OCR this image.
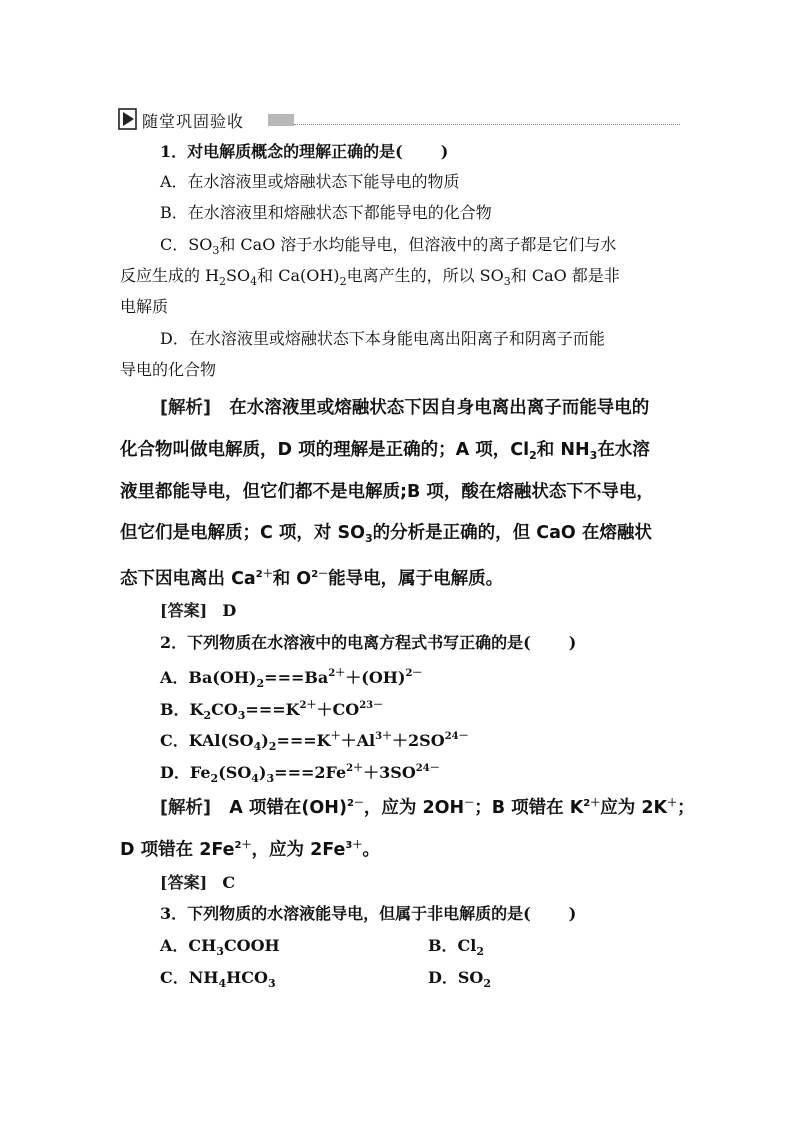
随堂巩固验收
1．对电解质概念的理解正确的是( )
A．在水溶液里或熔融状态下能导电的物质
B．在水溶液里和熔融状态下都能导电的化合物
C．$SO_3$和 CaO 溶于水均能导电，但溶液中的离子都是它们与水
反应生成的 $H_2SO_4$和 $Ca(OH)_2$电离产生的，所以 $SO_3$和 CaO 都是非
电解质
D．在水溶液里或熔融状态下本身能电离出阳离子和阴离子而能
导电的化合物
[解析] 在水溶液里或熔融状态下因自身电离出离子而能导电的
化合物叫做电解质，D 项的理解是正确的；A 项，$Cl_2$和 $NH_3$在水溶
液里都能导电，但它们都不是电解质;B 项，酸在熔融状态下不导电，
但它们是电解质；C 项，对 $SO_3$的分析是正确的，但 CaO 在熔融状
态下因电离出 $Ca^{2+}$和 $O^{2-}$能导电，属于电解质。
[答案] D
2．下列物质在水溶液中的电离方程式书写正确的是( )
A．$Ba(OH)_2===Ba^{2+}+(OH)^{2-}$
B．$K_2CO_3===K^{2+}+CO^{23-}$
C．$KAl(SO_4)_2===K^++Al^{3+}+2SO^{24-}$
D．$Fe_2(SO_4)_3===2Fe^{2+}+3SO^{24-}$
[解析] A 项错在(OH)$^{2-}$，应为 2OH－；B 项错在 $K^{2+}$应为 2K＋；
D 项错在 $2Fe^{2+}$，应为 $2Fe^{3+}$。
[答案] C
3．下列物质的水溶液能导电，但属于非电解质的是( )
A．$CH_3COOH$	B．$Cl_2$
C．$NH_4HCO_3$	D．$SO_2$
